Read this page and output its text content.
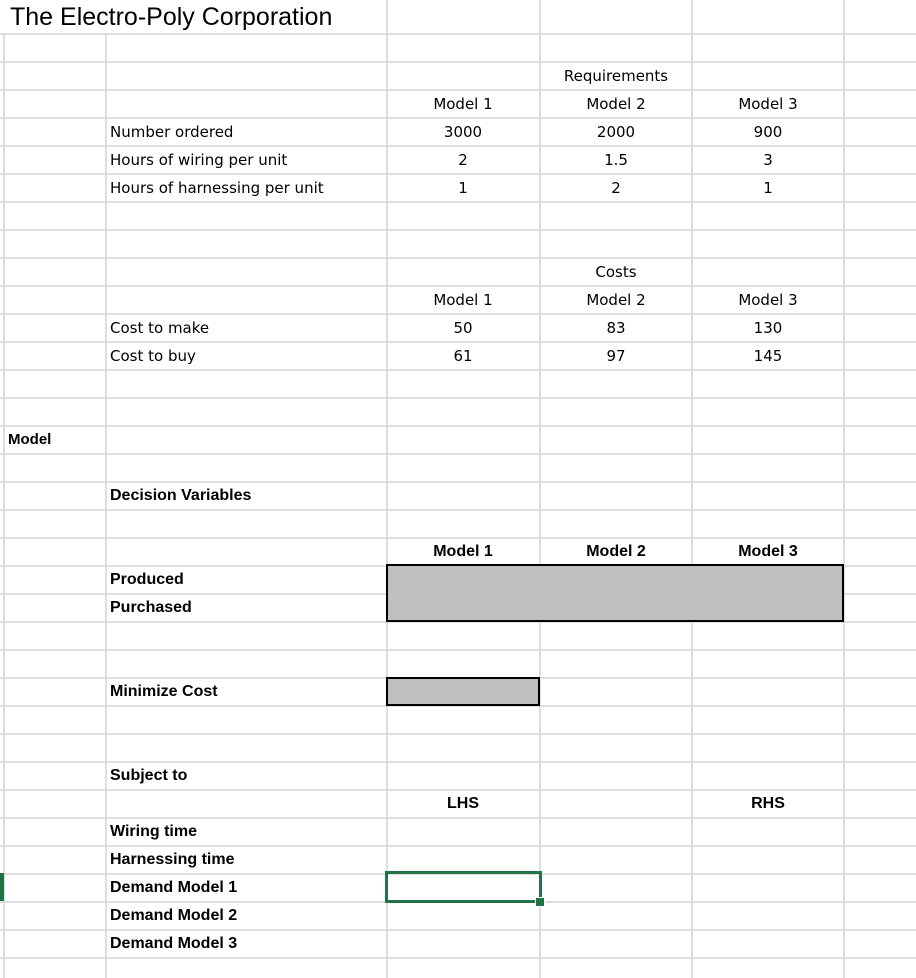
The Electro-Poly Corporation
Requirements
Model 1	Model 2	Model 3
Number ordered	3000	2000	900
Hours of wiring per unit	2	1.5	3
Hours of harnessing per unit	1	2	1
Costs
Model 1	Model 2	Model 3
Cost to make	50	83	130
Cost to buy	61	97	145
Model
Decision Variables
Model 1	Model 2	Model 3
Produced
Purchased
Minimize Cost
Subject to
LHS	RHS
Wiring time
Harnessing time
Demand Model 1
Demand Model 2
Demand Model 3
